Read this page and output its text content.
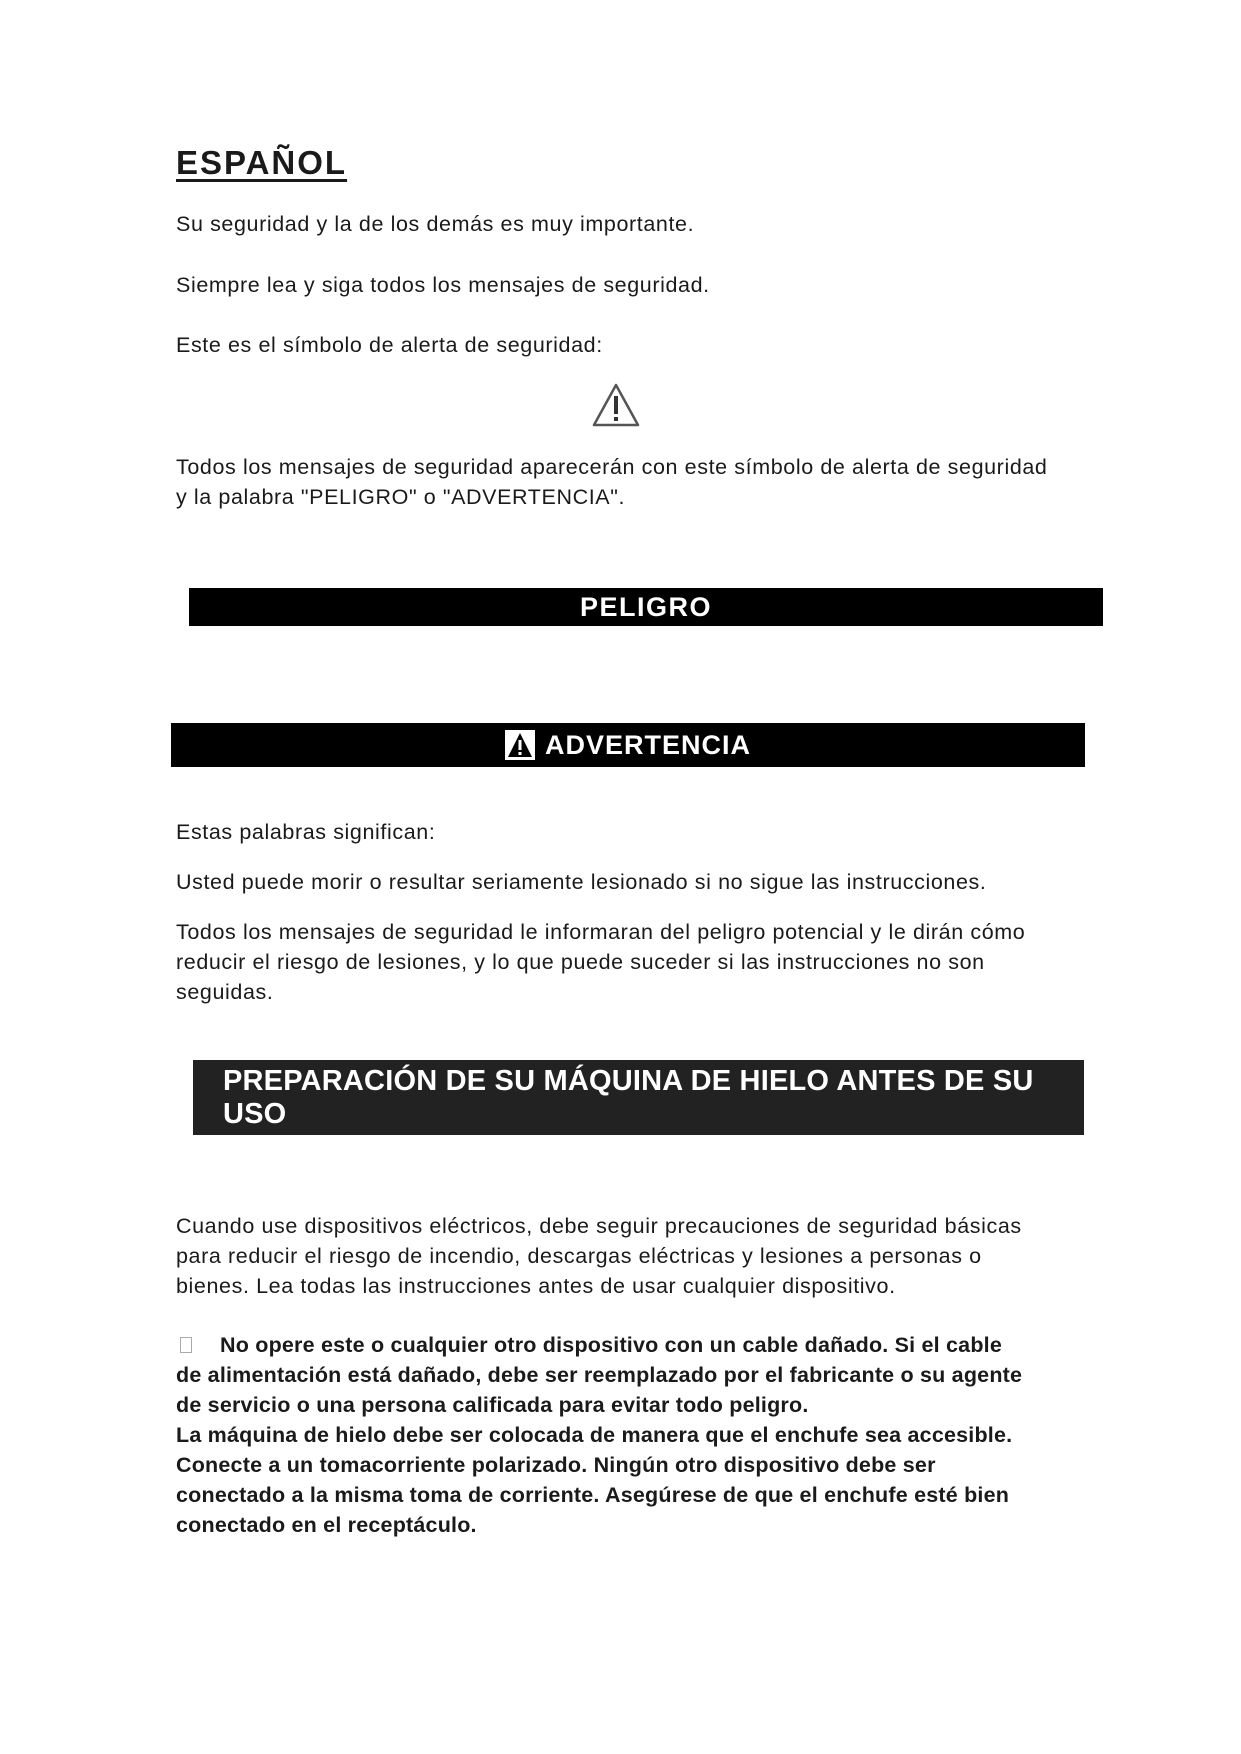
ESPAÑOL

Su seguridad y la de los demás es muy importante.

Siempre lea y siga todos los mensajes de seguridad.

Este es el símbolo de alerta de seguridad:

Todos los mensajes de seguridad aparecerán con este símbolo de alerta de seguridad
y la palabra "PELIGRO" o "ADVERTENCIA".
PELIGRO
ADVERTENCIA

Estas palabras significan:

Usted puede morir o resultar seriamente lesionado si no sigue las instrucciones.

Todos los mensajes de seguridad le informaran del peligro potencial y le dirán cómo
reducir el riesgo de lesiones, y lo que puede suceder si las instrucciones no son
seguidas.
PREPARACIÓN DE SU MÁQUINA DE HIELO ANTES DE SU USO
Cuando use dispositivos eléctricos, debe seguir precauciones de seguridad básicas
para reducir el riesgo de incendio, descargas eléctricas y lesiones a personas o
bienes. Lea todas las instrucciones antes de usar cualquier dispositivo.
No opere este o cualquier otro dispositivo con un cable dañado. Si el cable
de alimentación está dañado, debe ser reemplazado por el fabricante o su agente
de servicio o una persona calificada para evitar todo peligro.
La máquina de hielo debe ser colocada de manera que el enchufe sea accesible.
Conecte a un tomacorriente polarizado. Ningún otro dispositivo debe ser
conectado a la misma toma de corriente. Asegúrese de que el enchufe esté bien
conectado en el receptáculo.
